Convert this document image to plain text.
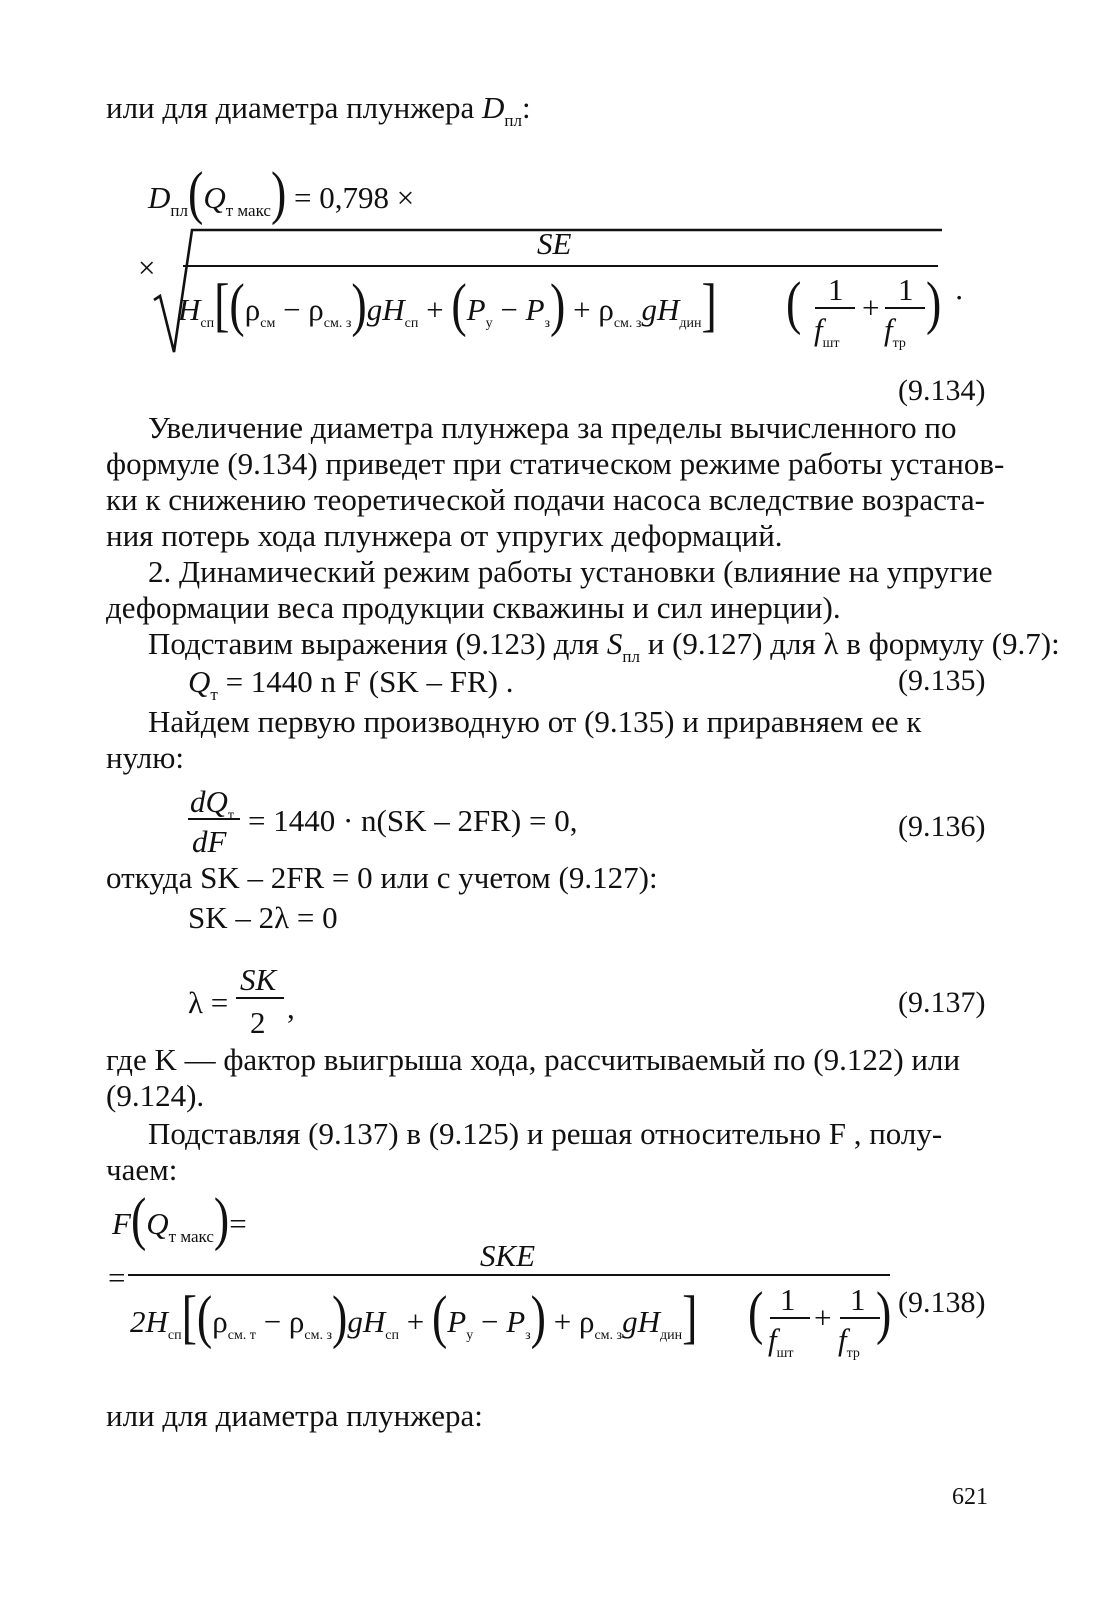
или для диаметра плунжера $D_{пл}$:
$D_{пл}(Q_{т макс}) = 0,798$ ×
×
SE
$H_{сп}[(\rho_{см} - \rho_{см. з})gH_{сп} + (P_у - P_з) + \rho_{см. з}gH_{дин}]$ ( 1
$f_{шт}$
+
1
$f_{тр}$
) ·
(9.134)
Увеличение диаметра плунжера за пределы вычисленного по
формуле (9.134) приведет при статическом режиме работы установ-
ки к снижению теоретической подачи насоса вследствие возраста-
ния потерь хода плунжера от упругих деформаций.
2. Динамический режим работы установки (влияние на упругие
деформации веса продукции скважины и сил инерции).
Подставим выражения (9.123) для $S_{пл}$ и (9.127) для λ в формулу (9.7):
$Q_т = 1440$ n F (SK – FR) .	(9.135)
Найдем первую производную от (9.135) и приравняем ее к
нулю:
$dQ_т$
dF
= 1440 · n(SK – 2FR) = 0,	(9.136)
откуда SK – 2FR = 0 или с учетом (9.127):
SK – 2λ = 0
λ =
SK
2 ,	(9.137)
где K — фактор выигрыша хода, рассчитываемый по (9.122) или
(9.124).
Подставляя (9.137) в (9.125) и решая относительно F , полу-
чаем:
$F(Q_{т макс})=$
=
SKE
$2H_{сп}[(\rho_{см. т} - \rho_{см. з})gH_{сп} + (P_у - P_з) + \rho_{см. з}gH_{дин}]$ ( 1
$f_{шт}$
+
1
$f_{тр}$
) (9.138)
или для диаметра плунжера:
621
